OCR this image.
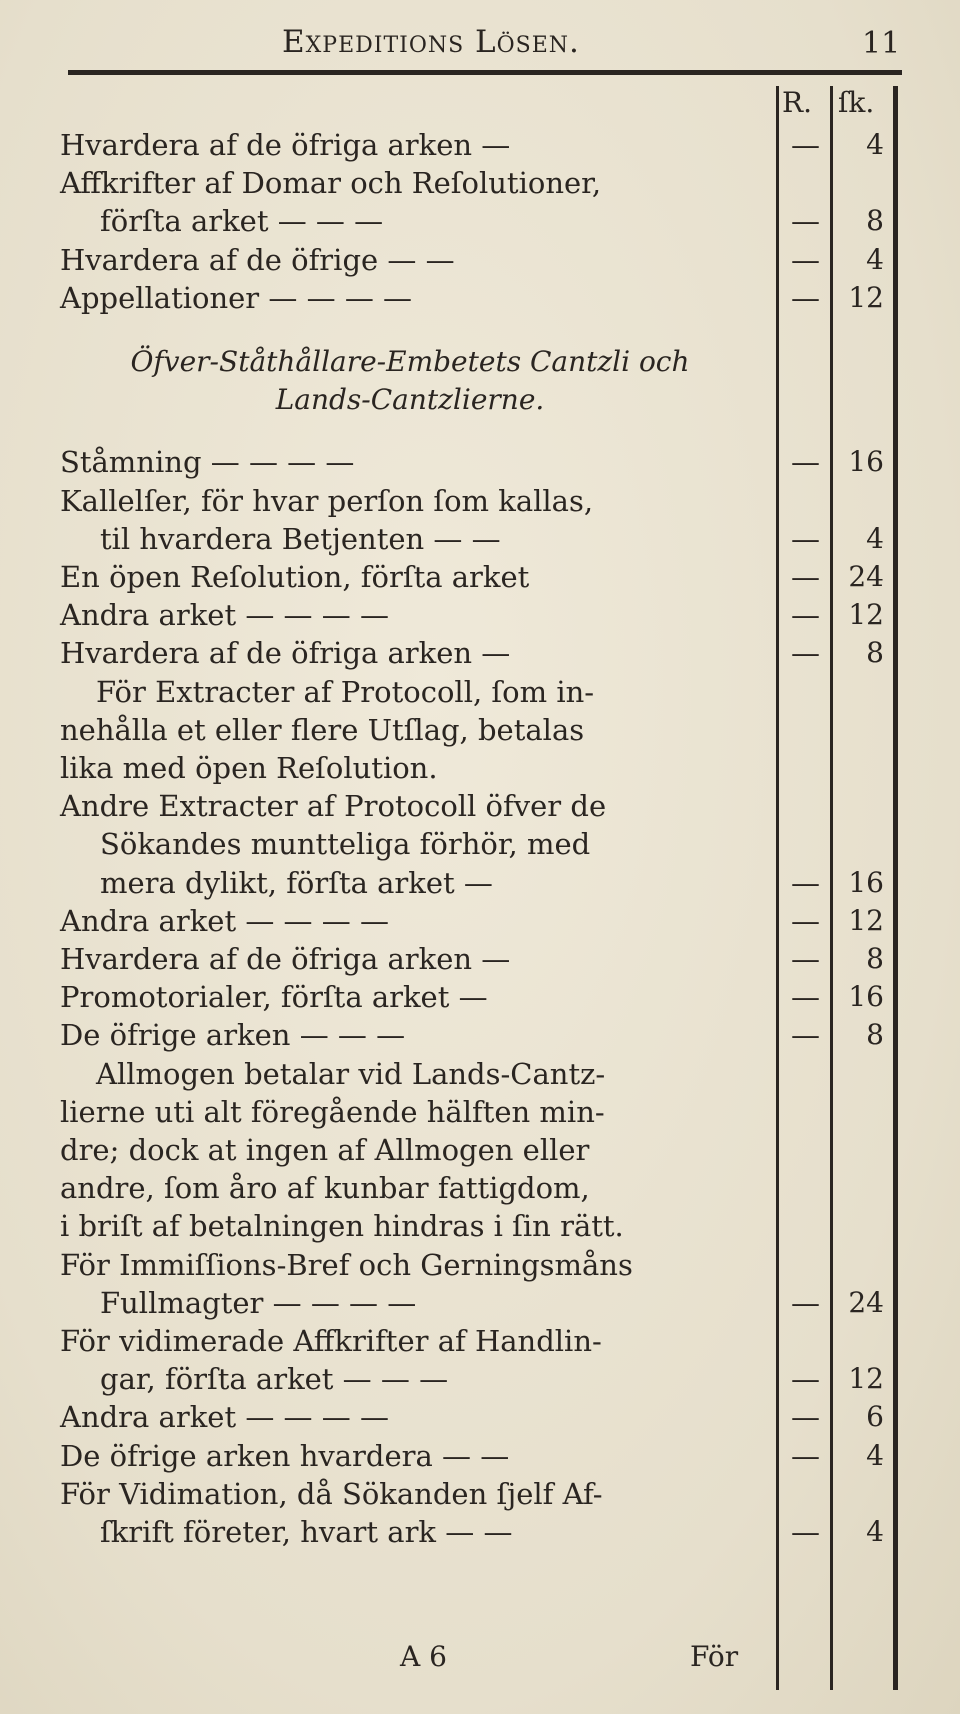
Expeditions Lösen.	11
R. ſk.
Hvardera af de öfriga arken —	— 4
Affkrifter af Domar och Reſolutioner,
förſta arket — — —	— 8
Hvardera af de öfrige — —	— 4
Appellationer — — — —	— 12
Öfver-Ståthållare-Embetets Cantzli och
Lands-Cantzlierne.
Ståmning — — — —	— 16
Kallelſer, för hvar perſon ſom kallas,
til hvardera Betjenten — —	— 4
En öpen Reſolution, förſta arket	— 24
Andra arket — — — —	— 12
Hvardera af de öfriga arken —	— 8
För Extracter af Protocoll, ſom in-
nehålla et eller flere Utſlag, betalas
lika med öpen Reſolution.
Andre Extracter af Protocoll öfver de
Sökandes muntteliga förhör, med
mera dylikt, förſta arket —	— 16
Andra arket — — — —	— 12
Hvardera af de öfriga arken —	— 8
Promotorialer, förſta arket —	— 16
De öfrige arken — — —	— 8
Allmogen betalar vid Lands-Cantz-
lierne uti alt föregående hälften min-
dre; dock at ingen af Allmogen eller
andre, ſom åro af kunbar fattigdom,
i briſt af betalningen hindras i ſin rätt.
För Immiſſions-Bref och Gerningsmåns
Fullmagter — — — —	— 24
För vidimerade Affkrifter af Handlin-
gar, förſta arket — — —	— 12
Andra arket — — — —	— 6
De öfrige arken hvardera — —	— 4
För Vidimation, då Sökanden ſjelf Af-
ſkrift företer, hvart ark — —	— 4
A 6	För
